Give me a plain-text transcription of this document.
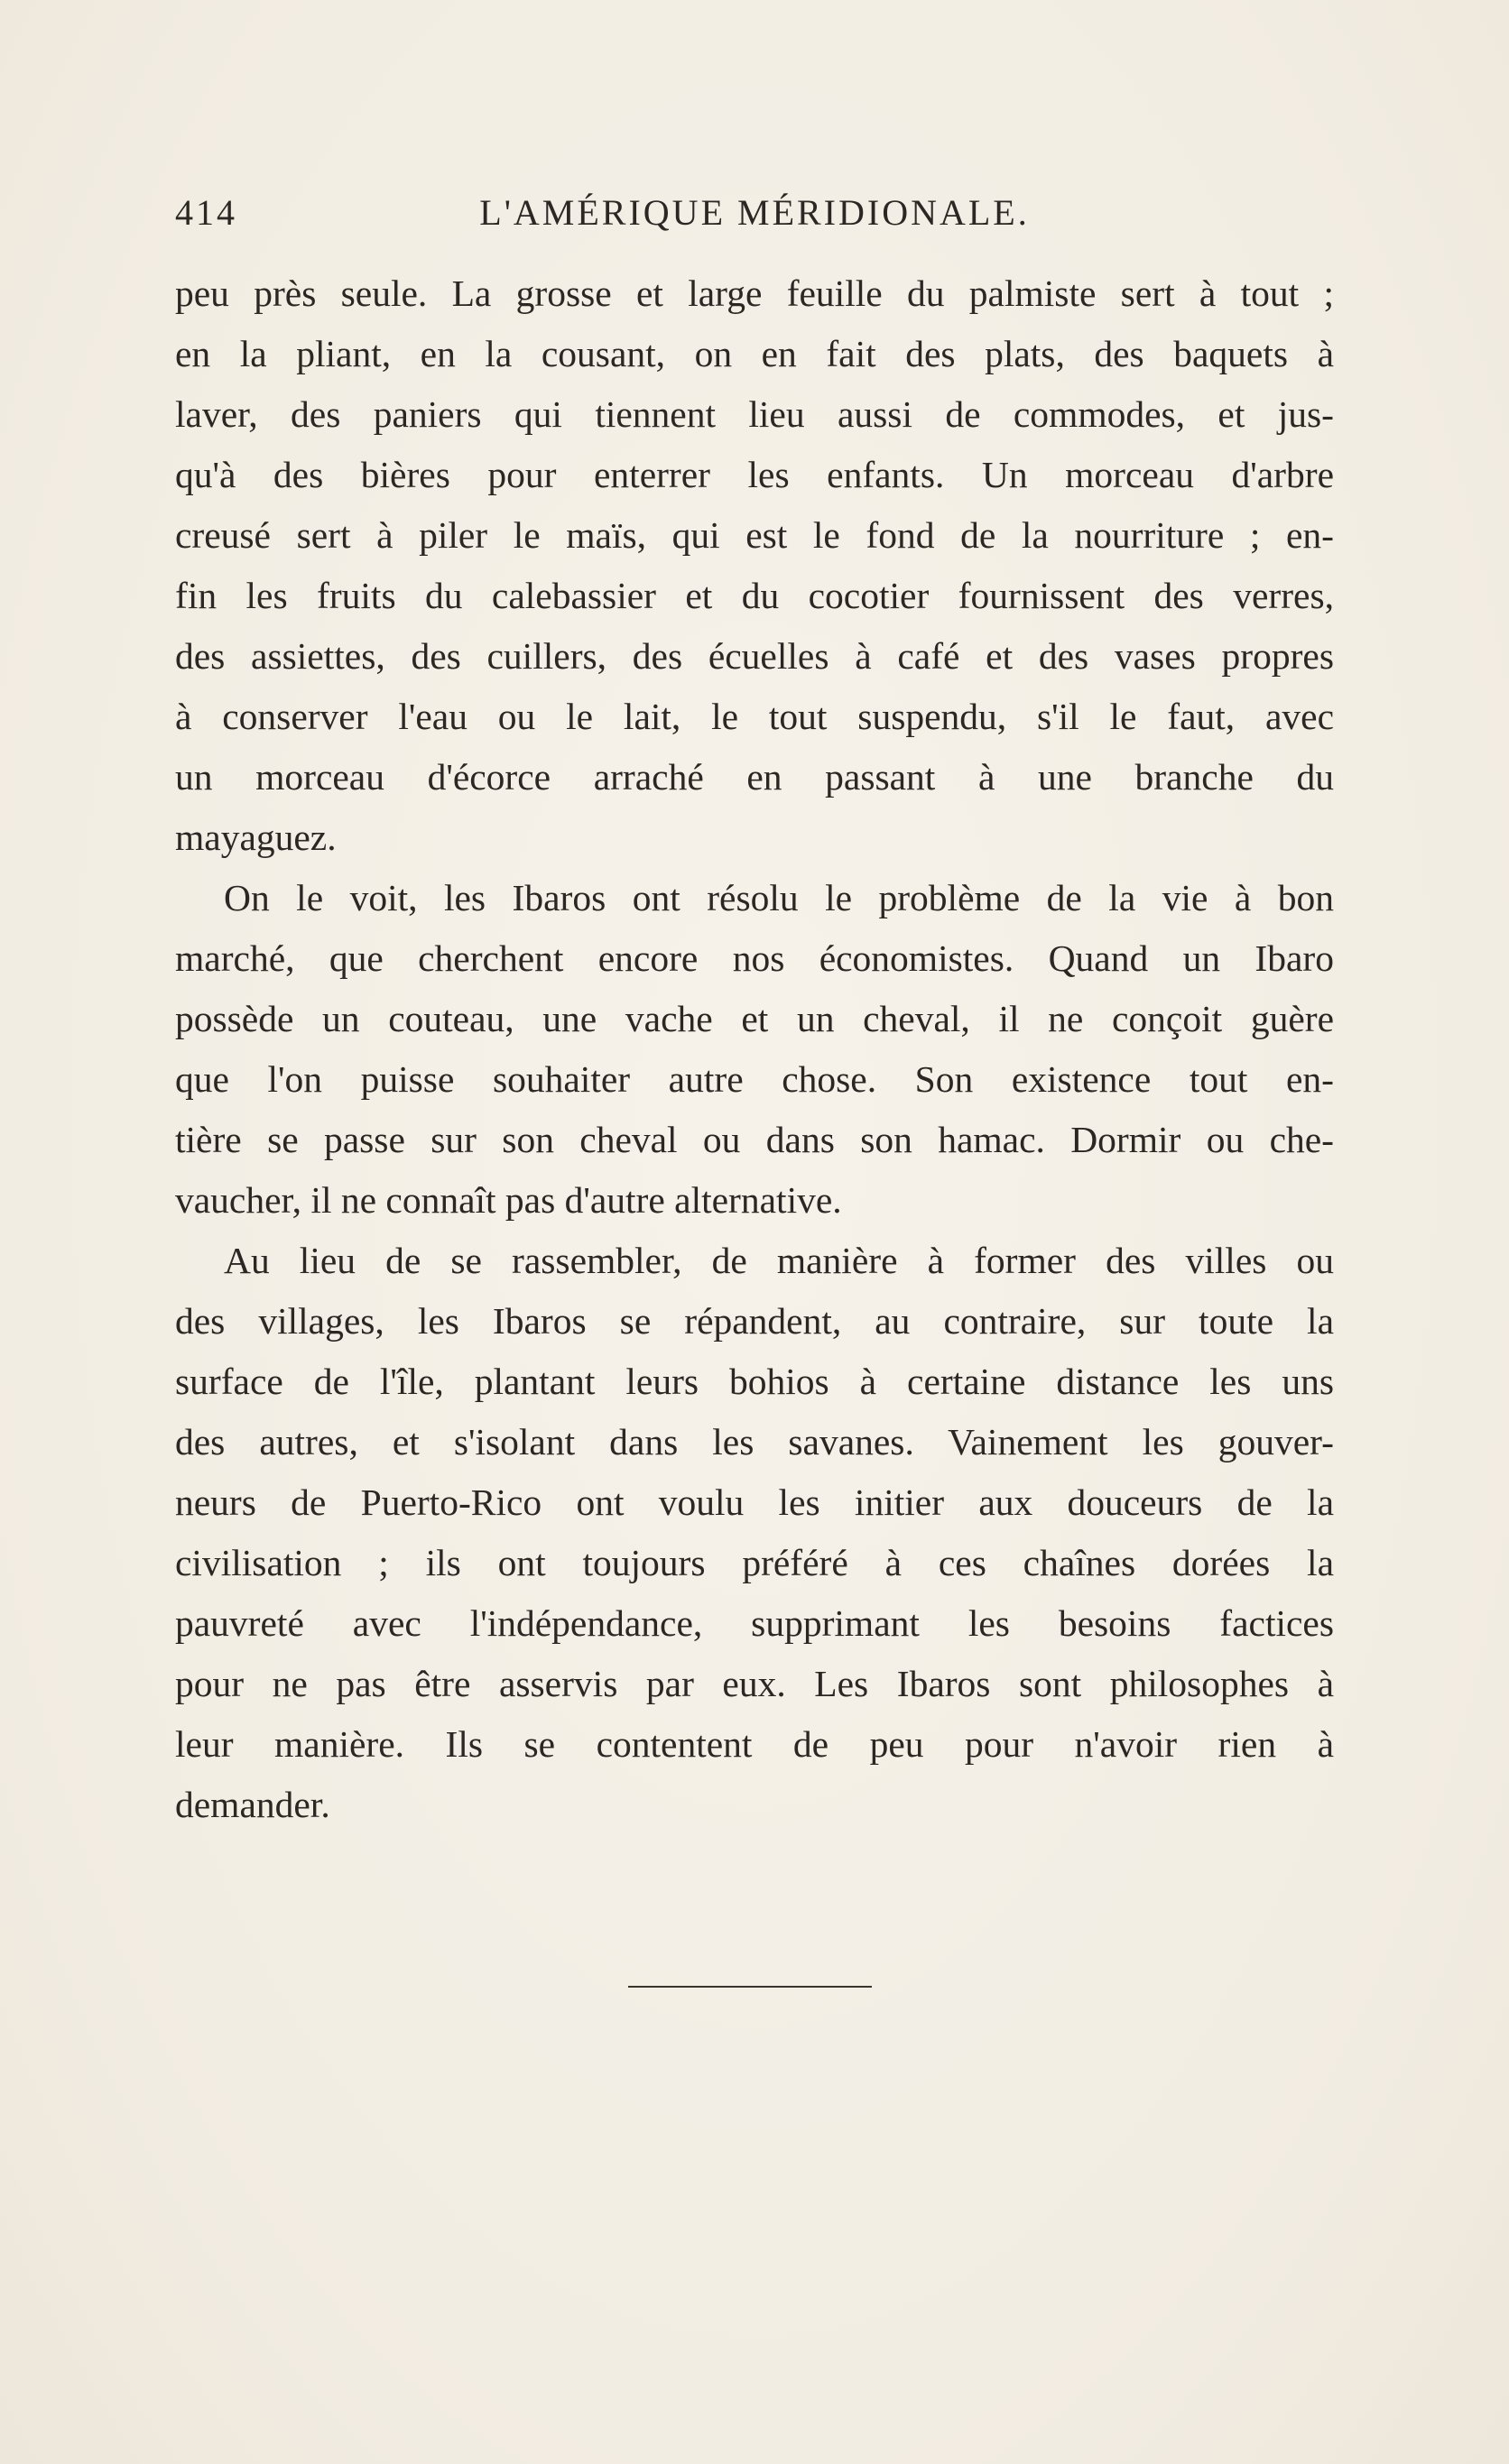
414	L'AMÉRIQUE MÉRIDIONALE.
peu près seule. La grosse et large feuille du palmiste sert à tout ;
en la pliant, en la cousant, on en fait des plats, des baquets à
laver, des paniers qui tiennent lieu aussi de commodes, et jus-
qu'à des bières pour enterrer les enfants. Un morceau d'arbre
creusé sert à piler le maïs, qui est le fond de la nourriture ; en-
fin les fruits du calebassier et du cocotier fournissent des verres,
des assiettes, des cuillers, des écuelles à café et des vases propres
à conserver l'eau ou le lait, le tout suspendu, s'il le faut, avec
un morceau d'écorce arraché en passant à une branche du
mayaguez.
On le voit, les Ibaros ont résolu le problème de la vie à bon
marché, que cherchent encore nos économistes. Quand un Ibaro
possède un couteau, une vache et un cheval, il ne conçoit guère
que l'on puisse souhaiter autre chose. Son existence tout en-
tière se passe sur son cheval ou dans son hamac. Dormir ou che-
vaucher, il ne connaît pas d'autre alternative.
Au lieu de se rassembler, de manière à former des villes ou
des villages, les Ibaros se répandent, au contraire, sur toute la
surface de l'île, plantant leurs bohios à certaine distance les uns
des autres, et s'isolant dans les savanes. Vainement les gouver-
neurs de Puerto-Rico ont voulu les initier aux douceurs de la
civilisation ; ils ont toujours préféré à ces chaînes dorées la
pauvreté avec l'indépendance, supprimant les besoins factices
pour ne pas être asservis par eux. Les Ibaros sont philosophes à
leur manière. Ils se contentent de peu pour n'avoir rien à
demander.
